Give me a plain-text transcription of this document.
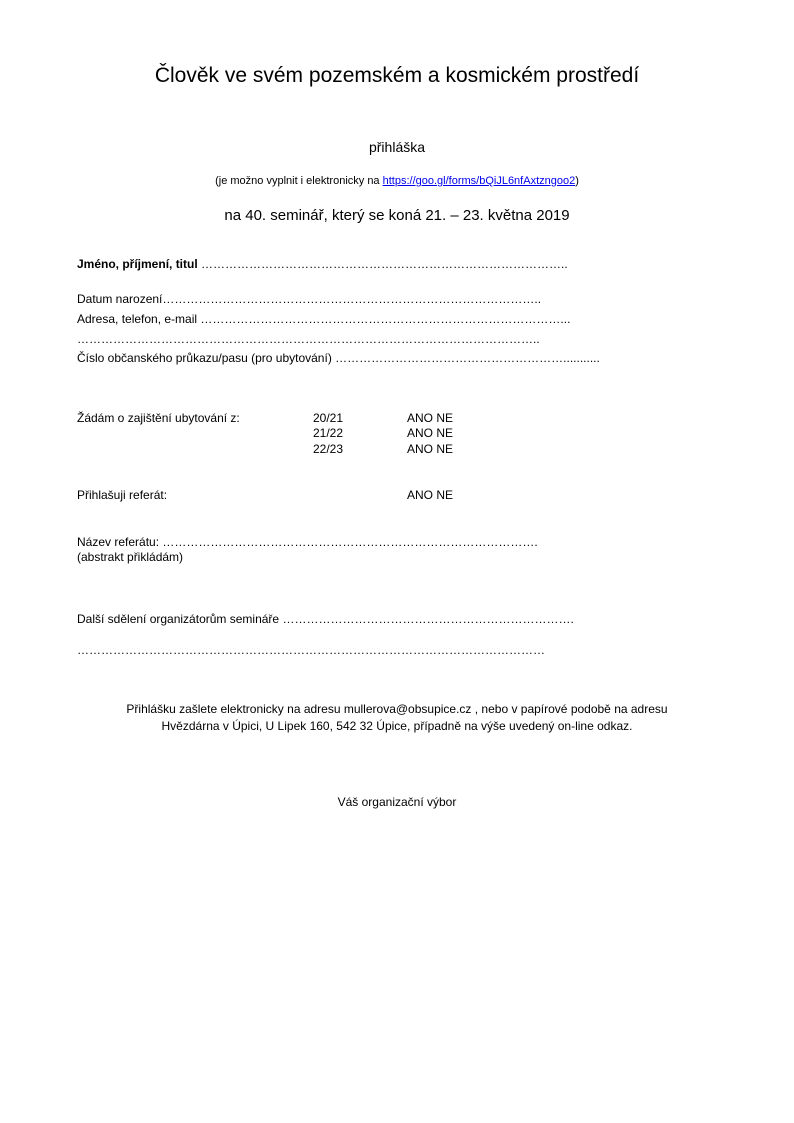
Člověk ve svém pozemském a kosmickém prostředí
přihláška
(je možno vyplnit i elektronicky na https://goo.gl/forms/bQiJL6nfAxtzngoo2)
na 40. seminář, který se koná 21. – 23. května 2019
Jméno, příjmení, titul ………………………………………………………………………………..
Datum narození…………………………………………………………………………………..
Adresa, telefon, e-mail ………………………………………………………………………………...
……………………………………………………………………………………………………..
Číslo občanského průkazu/pasu (pro ubytování) …………………………………………………...........
Žádám o zajištění ubytování z:	20/21	ANO NE
21/22	ANO NE
22/23	ANO NE
Přihlašuji referát:	ANO NE
Název referátu: ………………………………………………………………………………….
(abstrakt přikládám)
Další sdělení organizátorům semináře ……………………………………………………………….
………………………………………………………………………………………………………
Přihlášku zašlete elektronicky na adresu mullerova@obsupice.cz , nebo v papírové podobě na adresu
Hvězdárna v Úpici, U Lipek 160, 542 32 Úpice, případně na výše uvedený on-line odkaz.
Váš organizační výbor
